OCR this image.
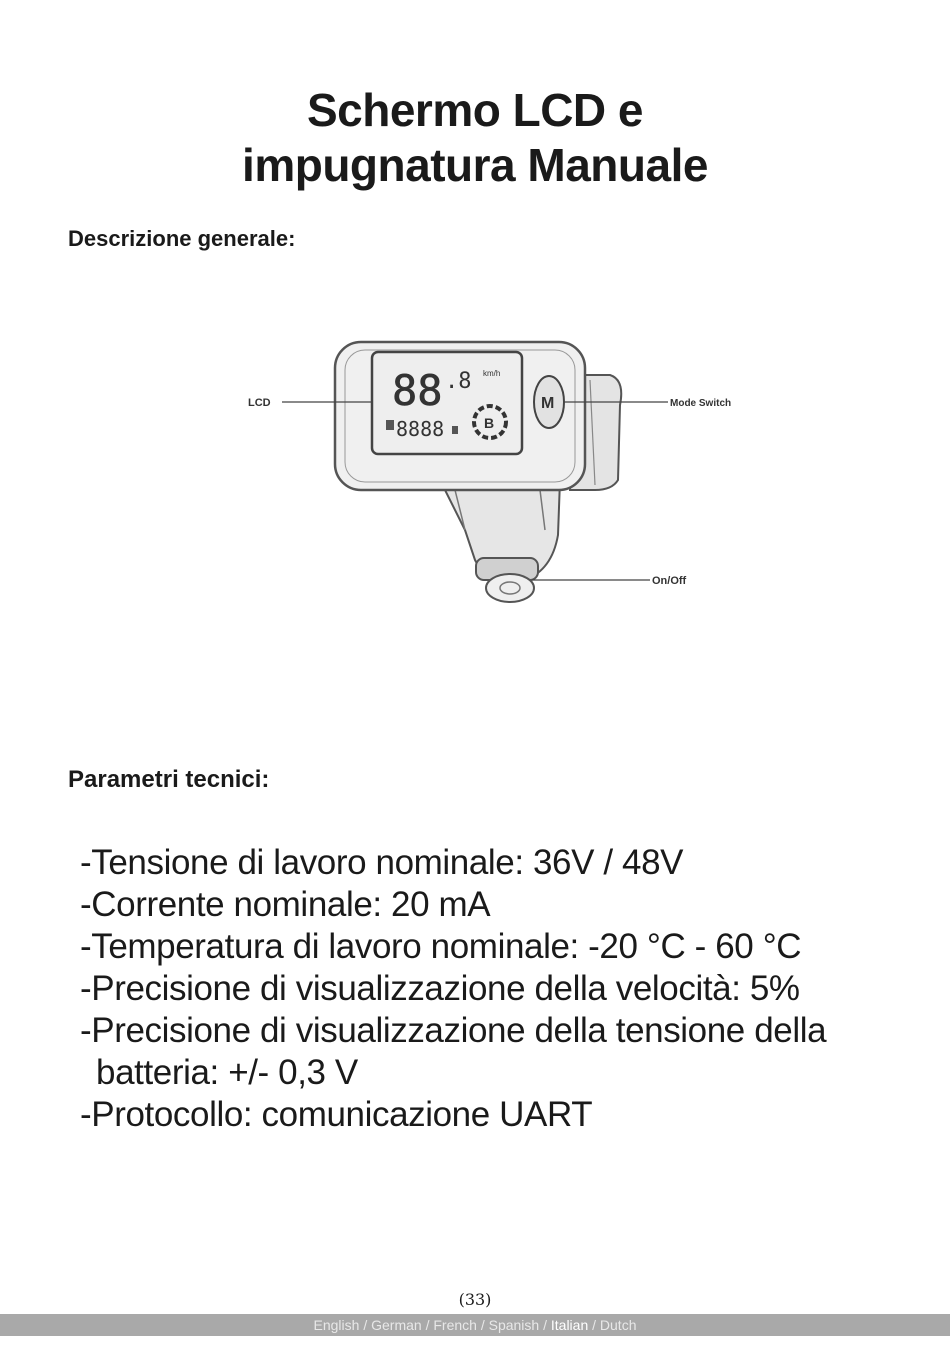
Schermo LCD e
impugnatura Manuale
Descrizione generale:
88 .8 km/h
8888	B
M
LCD	Mode Switch
On/Off
Parametri tecnici:
-Tensione di lavoro nominale: 36V / 48V
-Corrente nominale: 20 mA
-Temperatura di lavoro nominale: -20 °C - 60 °C
-Precisione di visualizzazione della velocità: 5%
-Precisione di visualizzazione della tensione della batteria: +/- 0,3 V
-Protocollo: comunicazione UART
(33)
English / German / French / Spanish / Italian / Dutch
